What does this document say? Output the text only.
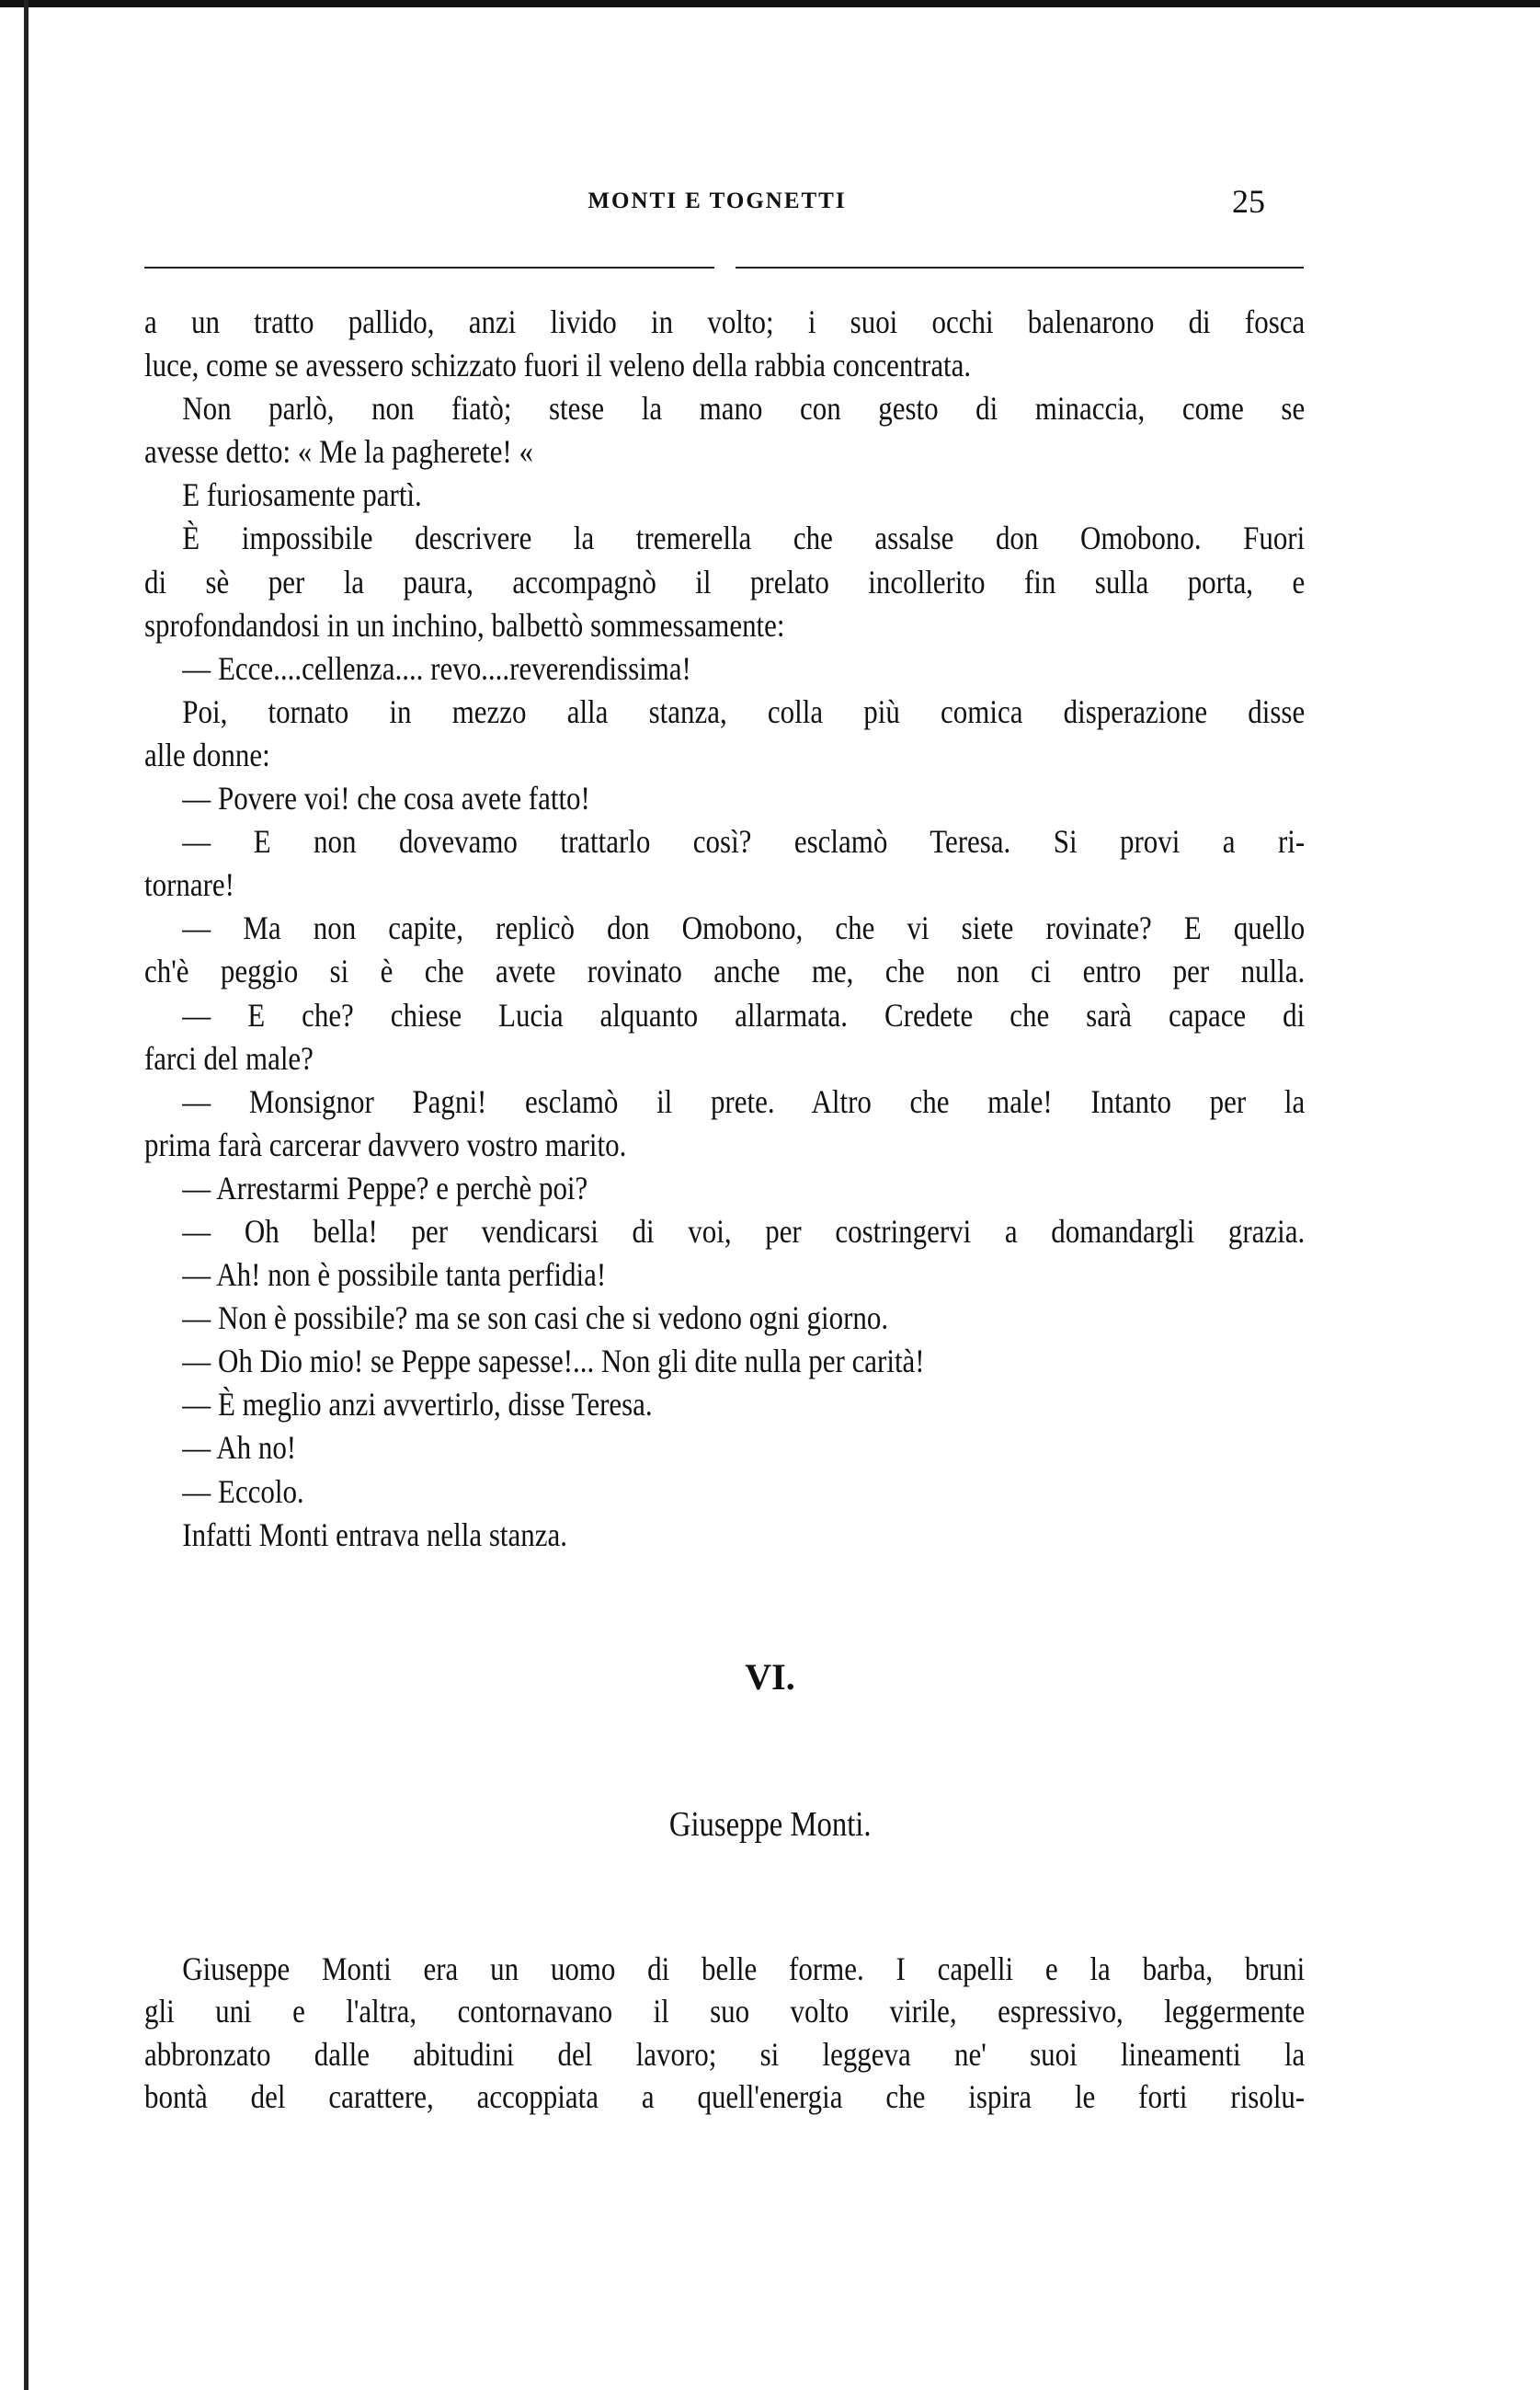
MONTI E TOGNETTI	25
a un tratto pallido, anzi livido in volto; i suoi occhi balenarono di fosca
luce, come se avessero schizzato fuori il veleno della rabbia concentrata.
Non parlò, non fiatò; stese la mano con gesto di minaccia, come se
avesse detto: « Me la pagherete! «
E furiosamente partì.
È impossibile descrivere la tremerella che assalse don Omobono. Fuori
di sè per la paura, accompagnò il prelato incollerito fin sulla porta, e
sprofondandosi in un inchino, balbettò sommessamente:
— Ecce....cellenza.... revo....reverendissima!
Poi, tornato in mezzo alla stanza, colla più comica disperazione disse
alle donne:
— Povere voi! che cosa avete fatto!
— E non dovevamo trattarlo così? esclamò Teresa. Si provi a ri-
tornare!
— Ma non capite, replicò don Omobono, che vi siete rovinate? E quello
ch'è peggio si è che avete rovinato anche me, che non ci entro per nulla.
— E che? chiese Lucia alquanto allarmata. Credete che sarà capace di
farci del male?
— Monsignor Pagni! esclamò il prete. Altro che male! Intanto per la
prima farà carcerar davvero vostro marito.
— Arrestarmi Peppe? e perchè poi?
— Oh bella! per vendicarsi di voi, per costringervi a domandargli grazia.
— Ah! non è possibile tanta perfidia!
— Non è possibile? ma se son casi che si vedono ogni giorno.
— Oh Dio mio! se Peppe sapesse!... Non gli dite nulla per carità!
— È meglio anzi avvertirlo, disse Teresa.
— Ah no!
— Eccolo.
Infatti Monti entrava nella stanza.
VI.
Giuseppe Monti.
Giuseppe Monti era un uomo di belle forme. I capelli e la barba, bruni
gli uni e l'altra, contornavano il suo volto virile, espressivo, leggermente
abbronzato dalle abitudini del lavoro; si leggeva ne' suoi lineamenti la
bontà del carattere, accoppiata a quell'energia che ispira le forti risolu-
